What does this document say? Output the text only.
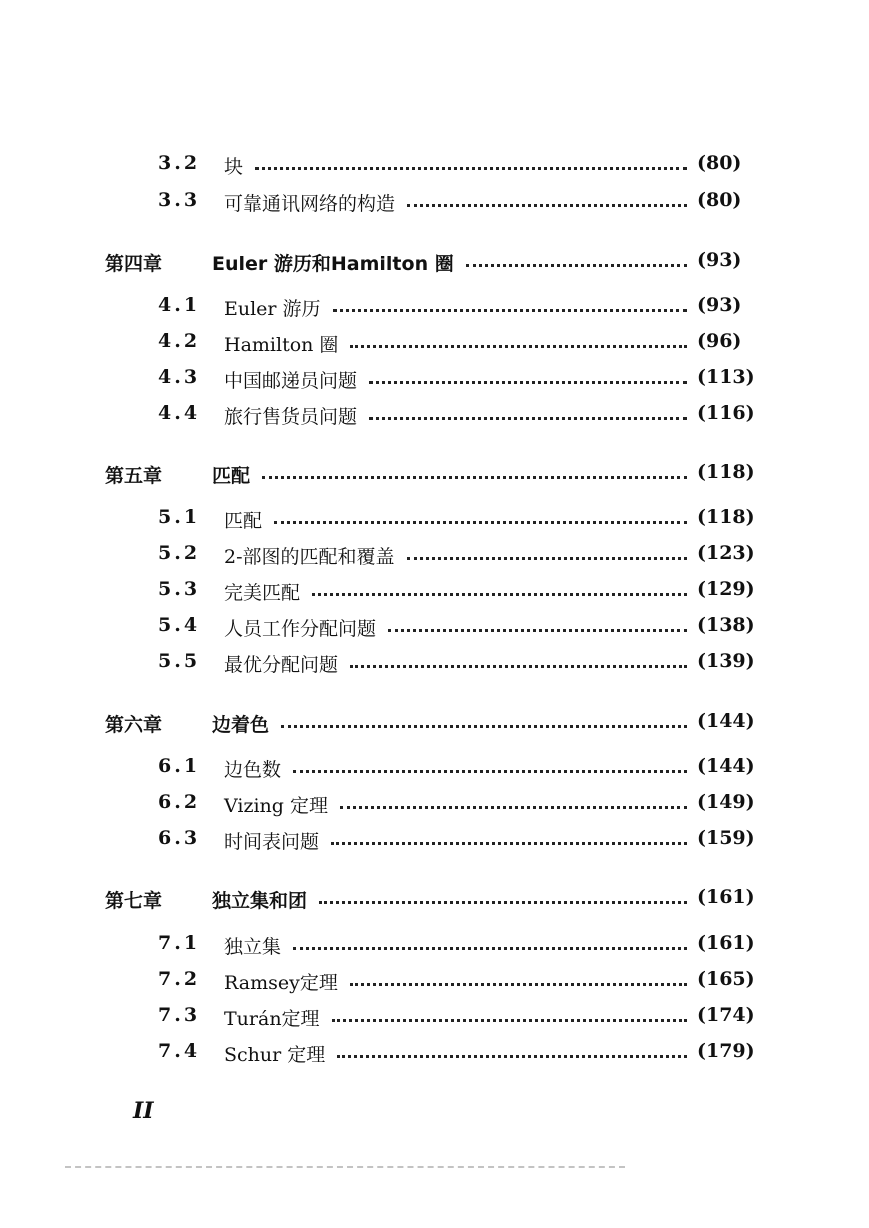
3.2 块	(80)
3.3 可靠通讯网络的构造	(80)
第四章	Euler 游历和Hamilton 圈	(93)
4.1 Euler 游历	(93)
4.2 Hamilton 圈	(96)
4.3 中国邮递员问题	(113)
4.4 旅行售货员问题	(116)
第五章	匹配	(118)
5.1 匹配	(118)
5.2 2-部图的匹配和覆盖	(123)
5.3 完美匹配	(129)
5.4 人员工作分配问题	(138)
5.5 最优分配问题	(139)
第六章	边着色	(144)
6.1 边色数	(144)
6.2 Vizing 定理	(149)
6.3 时间表问题	(159)
第七章	独立集和团	(161)
7.1 独立集	(161)
7.2 Ramsey定理	(165)
7.3 Turán定理	(174)
7.4 Schur 定理	(179)
II
